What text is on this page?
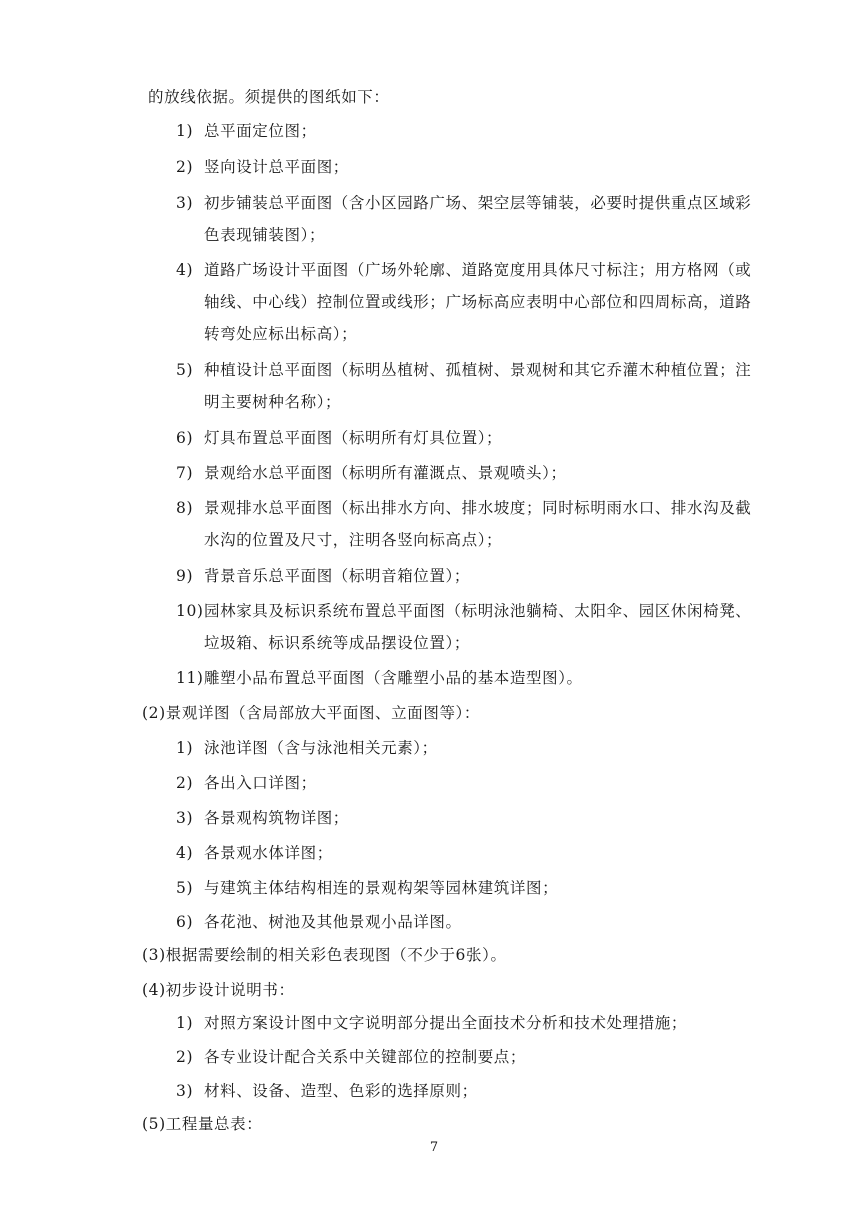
的放线依据。须提供的图纸如下：
1) 总平面定位图；
2) 竖向设计总平面图；
3) 初步铺装总平面图（含小区园路广场、架空层等铺装，必要时提供重点区域彩
色表现铺装图）；
4) 道路广场设计平面图（广场外轮廓、道路宽度用具体尺寸标注；用方格网（或
轴线、中心线）控制位置或线形；广场标高应表明中心部位和四周标高，道路
转弯处应标出标高）；
5) 种植设计总平面图（标明丛植树、孤植树、景观树和其它乔灌木种植位置；注
明主要树种名称）；
6) 灯具布置总平面图（标明所有灯具位置）；
7) 景观给水总平面图（标明所有灌溉点、景观喷头）；
8) 景观排水总平面图（标出排水方向、排水坡度；同时标明雨水口、排水沟及截
水沟的位置及尺寸，注明各竖向标高点）；
9) 背景音乐总平面图（标明音箱位置）；
10)园林家具及标识系统布置总平面图（标明泳池躺椅、太阳伞、园区休闲椅凳、
垃圾箱、标识系统等成品摆设位置）；
11)雕塑小品布置总平面图（含雕塑小品的基本造型图）。
(2)景观详图（含局部放大平面图、立面图等）：
1) 泳池详图（含与泳池相关元素）；
2) 各出入口详图；
3) 各景观构筑物详图；
4) 各景观水体详图；
5) 与建筑主体结构相连的景观构架等园林建筑详图；
6) 各花池、树池及其他景观小品详图。
(3)根据需要绘制的相关彩色表现图（不少于6张）。
(4)初步设计说明书：
1) 对照方案设计图中文字说明部分提出全面技术分析和技术处理措施；
2) 各专业设计配合关系中关键部位的控制要点；
3) 材料、设备、造型、色彩的选择原则；
(5)工程量总表：
7
